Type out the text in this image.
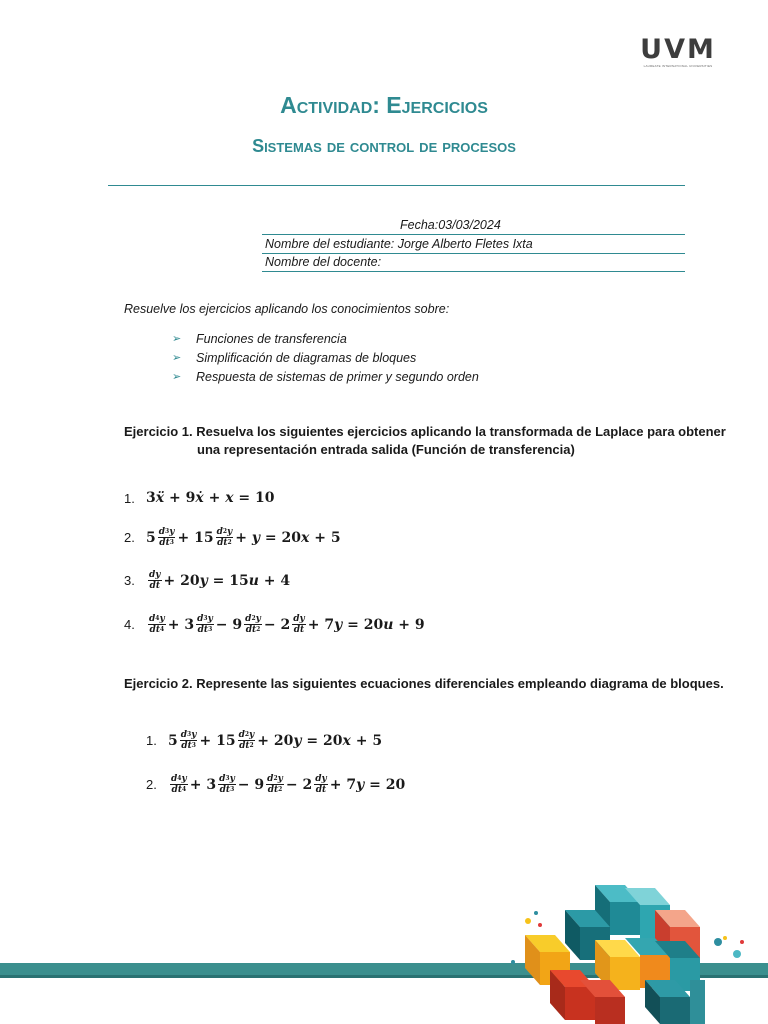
UVM
LAUREATE INTERNATIONAL UNIVERSITIES
Actividad: Ejercicios
Sistemas de control de procesos
Fecha:03/03/2024
Nombre del estudiante: Jorge Alberto Fletes Ixta
Nombre del docente:
Resuelve los ejercicios aplicando los conocimientos sobre:
➢	Funciones de transferencia
➢	Simplificación de diagramas de bloques
➢	Respuesta de sistemas de primer y segundo orden
Ejercicio 1. Resuelva los siguientes ejercicios aplicando la transformada de Laplace para obtener
una representación entrada salida (Función de transferencia)
1. 3 ẍ + 9 ẋ + x = 10
2. $5 \frac{d^3y}{dt^3} + 15 \frac{d^2y}{dt^2} + y = 20$ x + 5
3.	$\frac{dy}{dt} + 20$ y = 15 u + 4
4.	$\frac{d^4y}{dt^4} + 3 \frac{d^3y}{dt^3} - 9 \frac{d^2y}{dt^2} - 2 \frac{dy}{dt} + 7$ y = 20 u + 9
Ejercicio 2. Represente las siguientes ecuaciones diferenciales empleando diagrama de bloques.
1. $5 \frac{d^3y}{dt^3} + 15 \frac{d^2y}{dt^2} + 20$ y = 20 x + 5
2.	$\frac{d^4y}{dt^4} + 3 \frac{d^3y}{dt^3} - 9 \frac{d^2y}{dt^2} - 2 \frac{dy}{dt} + 7$ y = 20
